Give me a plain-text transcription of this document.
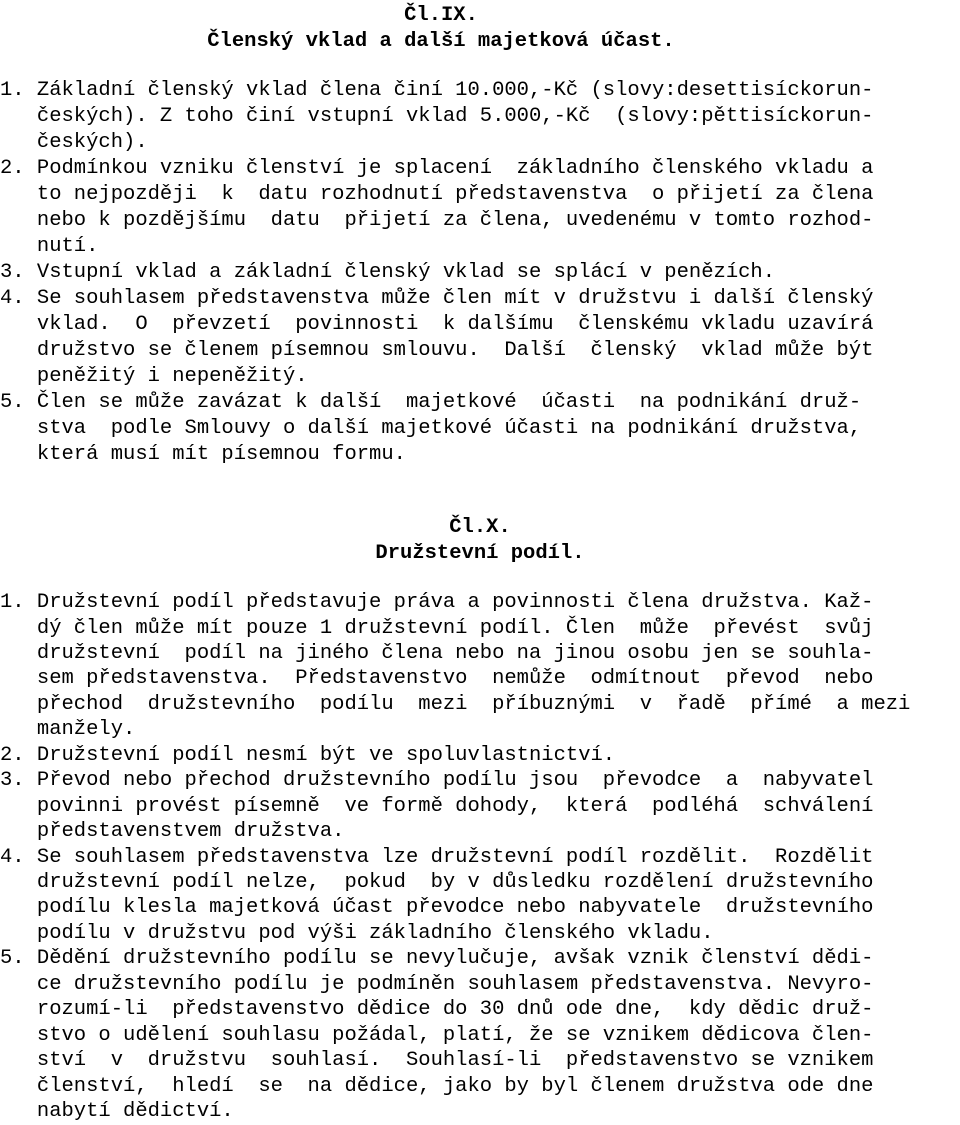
Čl.IX.
Členský vklad a další majetková účast.
1. Základní členský vklad člena činí 10.000,-Kč (slovy:desettisíckorun-
českých). Z toho činí vstupní vklad 5.000,-Kč  (slovy:pěttisíckorun-
českých).
2. Podmínkou vzniku členství je splacení  základního členského vkladu a
to nejpozději  k  datu rozhodnutí představenstva  o přijetí za člena
nebo k pozdějšímu  datu  přijetí za člena, uvedenému v tomto rozhod-
nutí.
3. Vstupní vklad a základní členský vklad se splácí v penězích.
4. Se souhlasem představenstva může člen mít v družstvu i další členský
vklad.  O  převzetí  povinnosti  k dalšímu  členskému vkladu uzavírá
družstvo se členem písemnou smlouvu.  Další  členský  vklad může být
peněžitý i nepeněžitý.
5. Člen se může zavázat k další  majetkové  účasti  na podnikání druž-
stva  podle Smlouvy o další majetkové účasti na podnikání družstva,
která musí mít písemnou formu.
Čl.X.
Družstevní podíl.
1. Družstevní podíl představuje práva a povinnosti člena družstva. Kaž-
dý člen může mít pouze 1 družstevní podíl. Člen  může  převést  svůj
družstevní  podíl na jiného člena nebo na jinou osobu jen se souhla-
sem představenstva.  Představenstvo  nemůže  odmítnout  převod  nebo
přechod  družstevního  podílu  mezi  příbuznými  v  řadě  přímé  a mezi
manžely.
2. Družstevní podíl nesmí být ve spoluvlastnictví.
3. Převod nebo přechod družstevního podílu jsou  převodce  a  nabyvatel
povinni provést písemně  ve formě dohody,  která  podléhá  schválení
představenstvem družstva.
4. Se souhlasem představenstva lze družstevní podíl rozdělit.  Rozdělit
družstevní podíl nelze,  pokud  by v důsledku rozdělení družstevního
podílu klesla majetková účast převodce nebo nabyvatele  družstevního
podílu v družstvu pod výši základního členského vkladu.
5. Dědění družstevního podílu se nevylučuje, avšak vznik členství dědi-
ce družstevního podílu je podmíněn souhlasem představenstva. Nevyro-
rozumí-li  představenstvo dědice do 30 dnů ode dne,  kdy dědic druž-
stvo o udělení souhlasu požádal, platí, že se vznikem dědicova člen-
ství  v  družstvu  souhlasí.  Souhlasí-li  představenstvo se vznikem
členství,  hledí  se  na dědice, jako by byl členem družstva ode dne
nabytí dědictví.
